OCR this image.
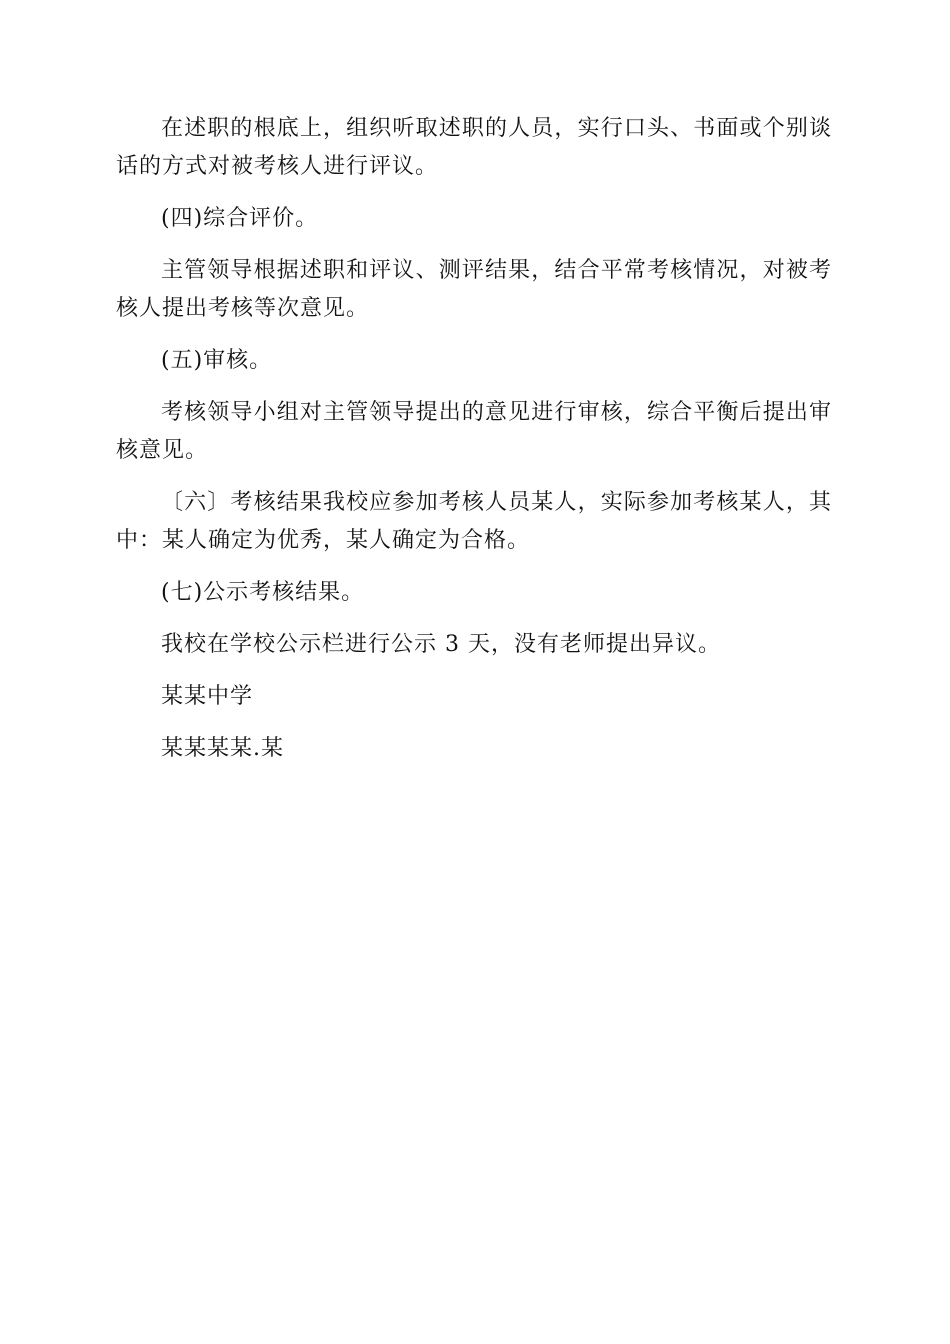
在述职的根底上，组织听取述职的人员，实行口头、书面或个别谈话的方式对被考核人进行评议。

(四)综合评价。

主管领导根据述职和评议、测评结果，结合平常考核情况，对被考核人提出考核等次意见。

(五)审核。

考核领导小组对主管领导提出的意见进行审核，综合平衡后提出审核意见。

〔六〕考核结果我校应参加考核人员某人，实际参加考核某人，其中：某人确定为优秀，某人确定为合格。

(七)公示考核结果。

我校在学校公示栏进行公示 3 天，没有老师提出异议。

某某中学

某某某某.某
